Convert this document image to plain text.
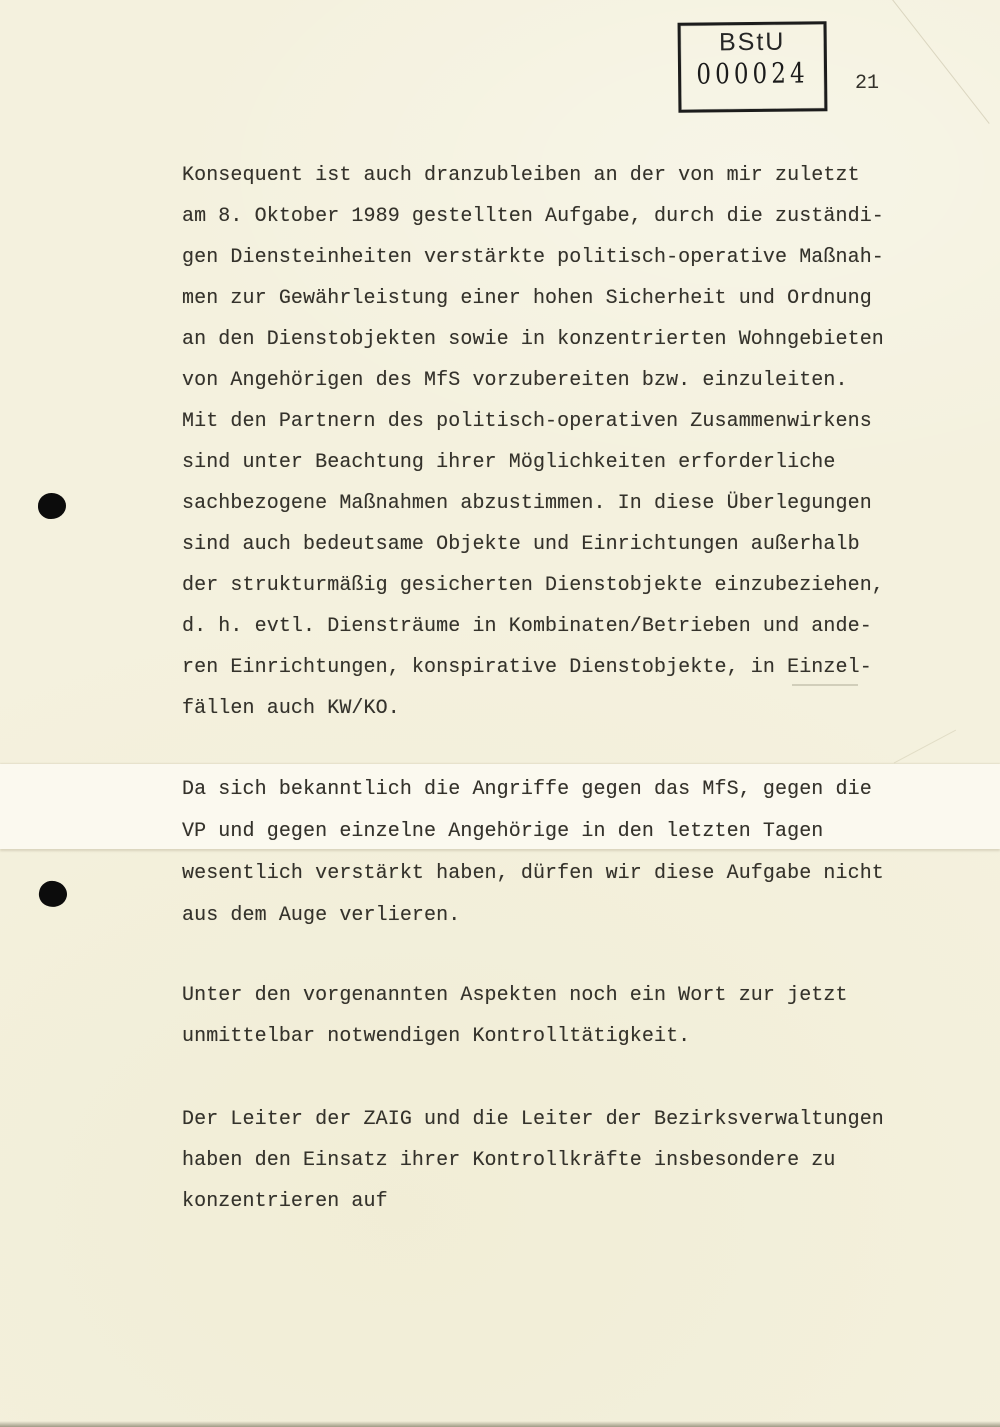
BStU
000024 21
Konsequent ist auch dranzubleiben an der von mir zuletzt
am 8. Oktober 1989 gestellten Aufgabe, durch die zuständi-
gen Diensteinheiten verstärkte politisch-operative Maßnah-
men zur Gewährleistung einer hohen Sicherheit und Ordnung
an den Dienstobjekten sowie in konzentrierten Wohngebieten
von Angehörigen des MfS vorzubereiten bzw. einzuleiten.
Mit den Partnern des politisch-operativen Zusammenwirkens
sind unter Beachtung ihrer Möglichkeiten erforderliche
sachbezogene Maßnahmen abzustimmen. In diese Überlegungen
sind auch bedeutsame Objekte und Einrichtungen außerhalb
der strukturmäßig gesicherten Dienstobjekte einzubeziehen,
d. h. evtl. Diensträume in Kombinaten/Betrieben und ande-
ren Einrichtungen, konspirative Dienstobjekte, in Einzel-
fällen auch KW/KO.
Da sich bekanntlich die Angriffe gegen das MfS, gegen die
VP und gegen einzelne Angehörige in den letzten Tagen
wesentlich verstärkt haben, dürfen wir diese Aufgabe nicht
aus dem Auge verlieren.
Unter den vorgenannten Aspekten noch ein Wort zur jetzt
unmittelbar notwendigen Kontrolltätigkeit.
Der Leiter der ZAIG und die Leiter der Bezirksverwaltungen
haben den Einsatz ihrer Kontrollkräfte insbesondere zu
konzentrieren auf
